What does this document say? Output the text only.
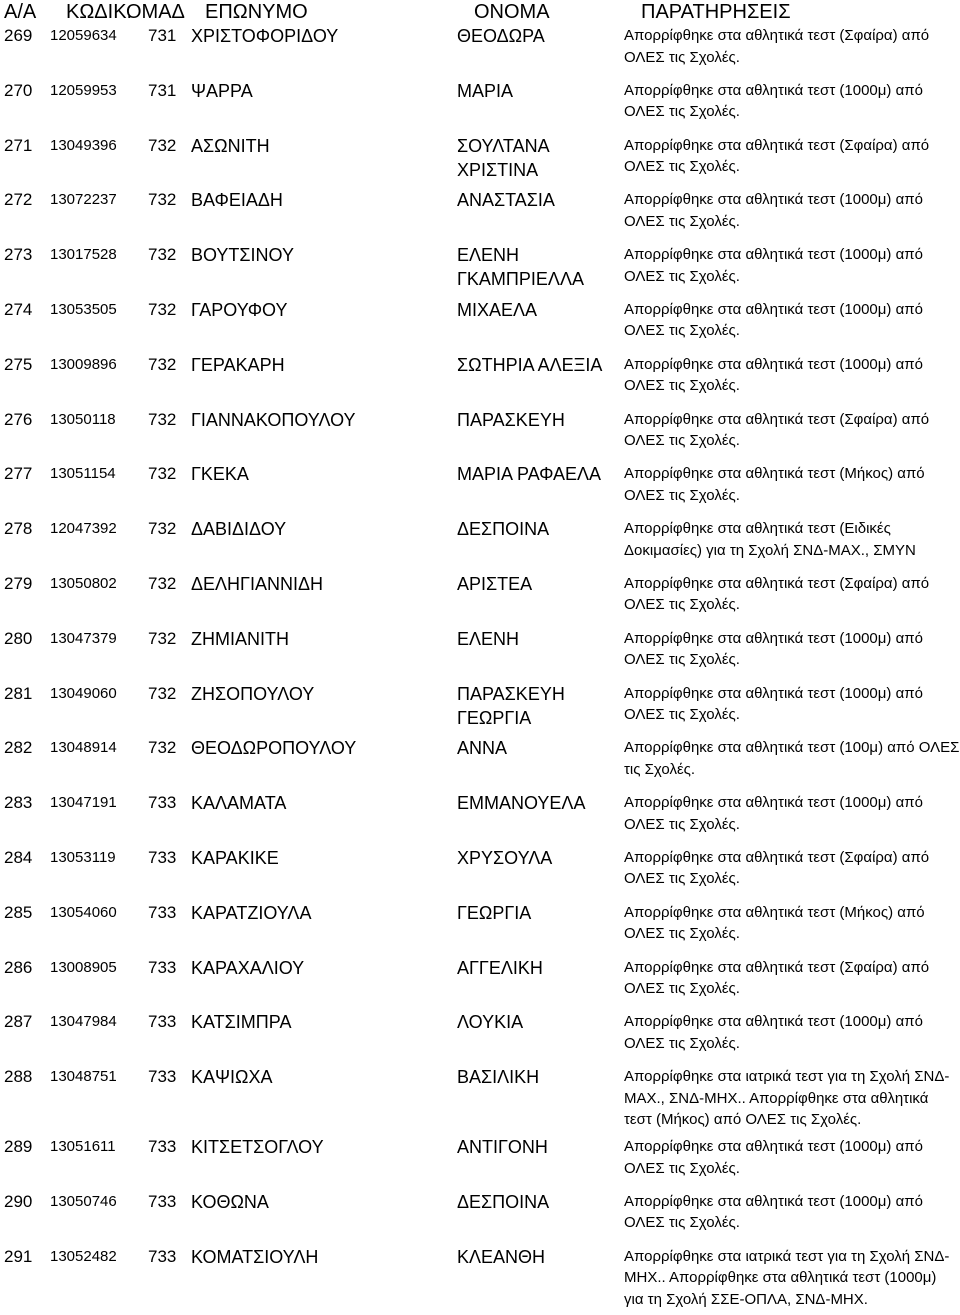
Α/Α ΚΩΔΙΚ.
ΟΜΑΔ ΕΠΩΝΥΜΟ	ΟΝΟΜΑ	ΠΑΡΑΤΗΡΗΣΕΙΣ
269 12059634 731 ΧΡΙΣΤΟΦΟΡΙΔΟΥ	ΘΕΟΔΩΡΑ	Απορρίφθηκε στα αθλητικά τεστ (Σφαίρα) από ΟΛΕΣ τις Σχολές.
270 12059953 731 ΨΑΡΡΑ	ΜΑΡΙΑ	Απορρίφθηκε στα αθλητικά τεστ (1000μ) από ΟΛΕΣ τις Σχολές.
271 13049396 732 ΑΣΩΝΙΤΗ	ΣΟΥΛΤΑΝΑ ΧΡΙΣΤΙΝΑ
Απορρίφθηκε στα αθλητικά τεστ (Σφαίρα) από ΟΛΕΣ τις Σχολές.
272 13072237 732 ΒΑΦΕΙΑΔΗ	ΑΝΑΣΤΑΣΙΑ	Απορρίφθηκε στα αθλητικά τεστ (1000μ) από ΟΛΕΣ τις Σχολές.
273 13017528 732 ΒΟΥΤΣΙΝΟΥ	ΕΛΕΝΗ ΓΚΑΜΠΡΙΕΛΛΑ
Απορρίφθηκε στα αθλητικά τεστ (1000μ) από ΟΛΕΣ τις Σχολές.
274 13053505 732 ΓΑΡΟΥΦΟΥ	ΜΙΧΑΕΛΑ	Απορρίφθηκε στα αθλητικά τεστ (1000μ) από ΟΛΕΣ τις Σχολές.
275 13009896 732 ΓΕΡΑΚΑΡΗ	ΣΩΤΗΡΙΑ ΑΛΕΞΙΑ	Απορρίφθηκε στα αθλητικά τεστ (1000μ) από ΟΛΕΣ τις Σχολές.
276 13050118 732 ΓΙΑΝΝΑΚΟΠΟΥΛΟΥ	ΠΑΡΑΣΚΕΥΗ	Απορρίφθηκε στα αθλητικά τεστ (Σφαίρα) από ΟΛΕΣ τις Σχολές.
277 13051154 732 ΓΚΕΚΑ	ΜΑΡΙΑ ΡΑΦΑΕΛΑ	Απορρίφθηκε στα αθλητικά τεστ (Μήκος) από ΟΛΕΣ τις Σχολές.
278 12047392 732 ΔΑΒΙΔΙΔΟΥ	ΔΕΣΠΟΙΝΑ	Απορρίφθηκε στα αθλητικά τεστ (Ειδικές Δοκιμασίες) για τη Σχολή ΣΝΔ-ΜΑΧ., ΣΜΥΝ
279 13050802 732 ΔΕΛΗΓΙΑΝΝΙΔΗ	ΑΡΙΣΤΕΑ	Απορρίφθηκε στα αθλητικά τεστ (Σφαίρα) από ΟΛΕΣ τις Σχολές.
280 13047379 732 ΖΗΜΙΑΝΙΤΗ	ΕΛΕΝΗ	Απορρίφθηκε στα αθλητικά τεστ (1000μ) από ΟΛΕΣ τις Σχολές.
281 13049060 732 ΖΗΣΟΠΟΥΛΟΥ	ΠΑΡΑΣΚΕΥΗ ΓΕΩΡΓΙΑ
Απορρίφθηκε στα αθλητικά τεστ (1000μ) από ΟΛΕΣ τις Σχολές.
282 13048914 732 ΘΕΟΔΩΡΟΠΟΥΛΟΥ	ΑΝΝΑ	Απορρίφθηκε στα αθλητικά τεστ (100μ) από ΟΛΕΣ τις Σχολές.
283 13047191 733 ΚΑΛΑΜΑΤΑ	ΕΜΜΑΝΟΥΕΛΑ	Απορρίφθηκε στα αθλητικά τεστ (1000μ) από ΟΛΕΣ τις Σχολές.
284 13053119 733 ΚΑΡΑΚΙΚΕ	ΧΡΥΣΟΥΛΑ	Απορρίφθηκε στα αθλητικά τεστ (Σφαίρα) από ΟΛΕΣ τις Σχολές.
285 13054060 733 ΚΑΡΑΤΖΙΟΥΛΑ	ΓΕΩΡΓΙΑ	Απορρίφθηκε στα αθλητικά τεστ (Μήκος) από ΟΛΕΣ τις Σχολές.
286 13008905 733 ΚΑΡΑΧΑΛΙΟΥ	ΑΓΓΕΛΙΚΗ	Απορρίφθηκε στα αθλητικά τεστ (Σφαίρα) από ΟΛΕΣ τις Σχολές.
287 13047984 733 ΚΑΤΣΙΜΠΡΑ	ΛΟΥΚΙΑ	Απορρίφθηκε στα αθλητικά τεστ (1000μ) από ΟΛΕΣ τις Σχολές.
288 13048751 733 ΚΑΨΙΩΧΑ	ΒΑΣΙΛΙΚΗ	Απορρίφθηκε στα ιατρικά τεστ για τη Σχολή ΣΝΔ-ΜΑΧ., ΣΝΔ-ΜΗΧ.. Απορρίφθηκε στα αθλητικά τεστ (Μήκος) από ΟΛΕΣ τις Σχολές.
289 13051611 733 ΚΙΤΣΕΤΣΟΓΛΟΥ	ΑΝΤΙΓΟΝΗ	Απορρίφθηκε στα αθλητικά τεστ (1000μ) από ΟΛΕΣ τις Σχολές.
290 13050746 733 ΚΟΘΩΝΑ	ΔΕΣΠΟΙΝΑ	Απορρίφθηκε στα αθλητικά τεστ (1000μ) από ΟΛΕΣ τις Σχολές.
291 13052482 733 ΚΟΜΑΤΣΙΟΥΛΗ	ΚΛΕΑΝΘΗ	Απορρίφθηκε στα ιατρικά τεστ για τη Σχολή ΣΝΔ-ΜΗΧ.. Απορρίφθηκε στα αθλητικά τεστ (1000μ) για τη Σχολή ΣΣΕ-ΟΠΛΑ, ΣΝΔ-ΜΗΧ.
